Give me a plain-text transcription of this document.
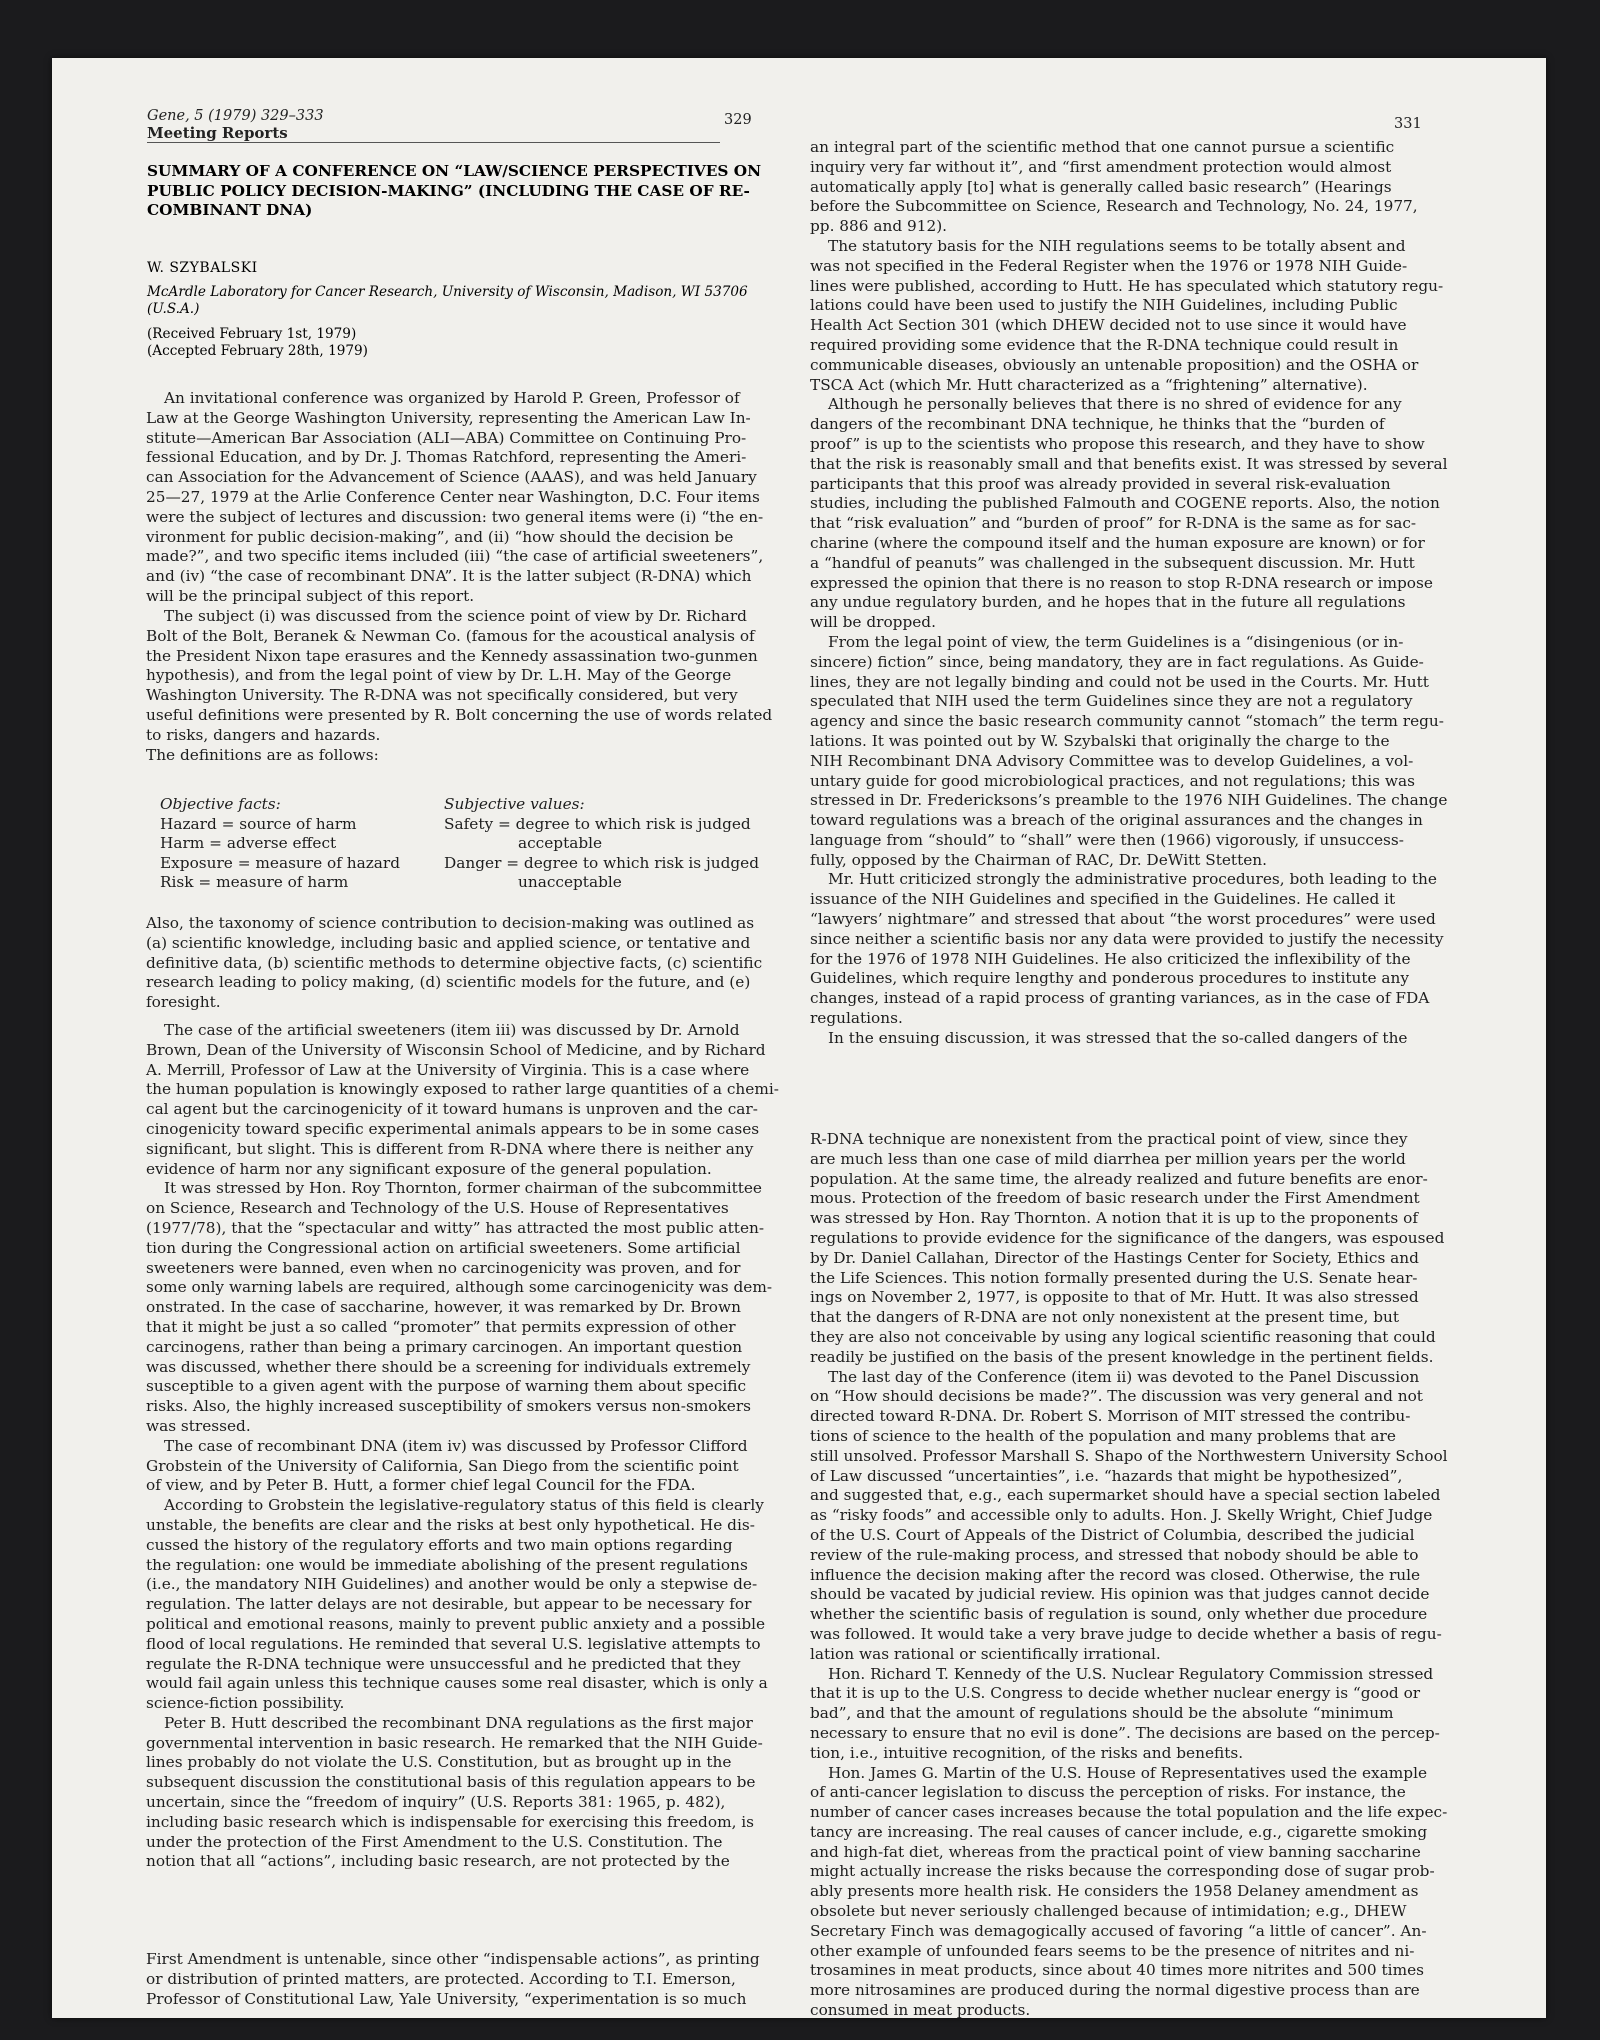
Gene, 5 (1979) 329–333
Meeting Reports
329	331
SUMMARY OF A CONFERENCE ON “LAW/SCIENCE PERSPECTIVES ON
PUBLIC POLICY DECISION-MAKING” (INCLUDING THE CASE OF RE-
COMBINANT DNA)
W. SZYBALSKI
McArdle Laboratory for Cancer Research, University of Wisconsin, Madison, WI 53706
(U.S.A.)
(Received February 1st, 1979)
(Accepted February 28th, 1979)
Objective facts:
Hazard = source of harm
Harm = adverse effect
Exposure = measure of hazard
Risk = measure of harm
Subjective values:
Safety = degree to which risk is judged
acceptable
Danger = degree to which risk is judged
unacceptable
An invitational conference was organized by Harold P. Green, Professor of
Law at the George Washington University, representing the American Law In-
stitute—American Bar Association (ALI—ABA) Committee on Continuing Pro-
fessional Education, and by Dr. J. Thomas Ratchford, representing the Ameri-
can Association for the Advancement of Science (AAAS), and was held January
25—27, 1979 at the Arlie Conference Center near Washington, D.C. Four items
were the subject of lectures and discussion: two general items were (i) “the en-
vironment for public decision-making”, and (ii) “how should the decision be
made?”, and two specific items included (iii) “the case of artificial sweeteners”,
and (iv) “the case of recombinant DNA”. It is the latter subject (R-DNA) which
will be the principal subject of this report.
The subject (i) was discussed from the science point of view by Dr. Richard
Bolt of the Bolt, Beranek & Newman Co. (famous for the acoustical analysis of
the President Nixon tape erasures and the Kennedy assassination two-gunmen
hypothesis), and from the legal point of view by Dr. L.H. May of the George
Washington University. The R-DNA was not specifically considered, but very
useful definitions were presented by R. Bolt concerning the use of words related
to risks, dangers and hazards.
The definitions are as follows:
Also, the taxonomy of science contribution to decision-making was outlined as
(a) scientific knowledge, including basic and applied science, or tentative and
definitive data, (b) scientific methods to determine objective facts, (c) scientific
research leading to policy making, (d) scientific models for the future, and (e)
foresight.
The case of the artificial sweeteners (item iii) was discussed by Dr. Arnold
Brown, Dean of the University of Wisconsin School of Medicine, and by Richard
A. Merrill, Professor of Law at the University of Virginia. This is a case where
the human population is knowingly exposed to rather large quantities of a chemi-
cal agent but the carcinogenicity of it toward humans is unproven and the car-
cinogenicity toward specific experimental animals appears to be in some cases
significant, but slight. This is different from R-DNA where there is neither any
evidence of harm nor any significant exposure of the general population.
It was stressed by Hon. Roy Thornton, former chairman of the subcommittee
on Science, Research and Technology of the U.S. House of Representatives
(1977/78), that the “spectacular and witty” has attracted the most public atten-
tion during the Congressional action on artificial sweeteners. Some artificial
sweeteners were banned, even when no carcinogenicity was proven, and for
some only warning labels are required, although some carcinogenicity was dem-
onstrated. In the case of saccharine, however, it was remarked by Dr. Brown
that it might be just a so called “promoter” that permits expression of other
carcinogens, rather than being a primary carcinogen. An important question
was discussed, whether there should be a screening for individuals extremely
susceptible to a given agent with the purpose of warning them about specific
risks. Also, the highly increased susceptibility of smokers versus non-smokers
was stressed.
The case of recombinant DNA (item iv) was discussed by Professor Clifford
Grobstein of the University of California, San Diego from the scientific point
of view, and by Peter B. Hutt, a former chief legal Council for the FDA.
According to Grobstein the legislative-regulatory status of this field is clearly
unstable, the benefits are clear and the risks at best only hypothetical. He dis-
cussed the history of the regulatory efforts and two main options regarding
the regulation: one would be immediate abolishing of the present regulations
(i.e., the mandatory NIH Guidelines) and another would be only a stepwise de-
regulation. The latter delays are not desirable, but appear to be necessary for
political and emotional reasons, mainly to prevent public anxiety and a possible
flood of local regulations. He reminded that several U.S. legislative attempts to
regulate the R-DNA technique were unsuccessful and he predicted that they
would fail again unless this technique causes some real disaster, which is only a
science-fiction possibility.
Peter B. Hutt described the recombinant DNA regulations as the first major
governmental intervention in basic research. He remarked that the NIH Guide-
lines probably do not violate the U.S. Constitution, but as brought up in the
subsequent discussion the constitutional basis of this regulation appears to be
uncertain, since the “freedom of inquiry” (U.S. Reports 381: 1965, p. 482),
including basic research which is indispensable for exercising this freedom, is
under the protection of the First Amendment to the U.S. Constitution. The
notion that all “actions”, including basic research, are not protected by the
First Amendment is untenable, since other “indispensable actions”, as printing
or distribution of printed matters, are protected. According to T.I. Emerson,
Professor of Constitutional Law, Yale University, “experimentation is so much
an integral part of the scientific method that one cannot pursue a scientific
inquiry very far without it”, and “first amendment protection would almost
automatically apply [to] what is generally called basic research” (Hearings
before the Subcommittee on Science, Research and Technology, No. 24, 1977,
pp. 886 and 912).
The statutory basis for the NIH regulations seems to be totally absent and
was not specified in the Federal Register when the 1976 or 1978 NIH Guide-
lines were published, according to Hutt. He has speculated which statutory regu-
lations could have been used to justify the NIH Guidelines, including Public
Health Act Section 301 (which DHEW decided not to use since it would have
required providing some evidence that the R-DNA technique could result in
communicable diseases, obviously an untenable proposition) and the OSHA or
TSCA Act (which Mr. Hutt characterized as a “frightening” alternative).
Although he personally believes that there is no shred of evidence for any
dangers of the recombinant DNA technique, he thinks that the “burden of
proof” is up to the scientists who propose this research, and they have to show
that the risk is reasonably small and that benefits exist. It was stressed by several
participants that this proof was already provided in several risk-evaluation
studies, including the published Falmouth and COGENE reports. Also, the notion
that “risk evaluation” and “burden of proof” for R-DNA is the same as for sac-
charine (where the compound itself and the human exposure are known) or for
a “handful of peanuts” was challenged in the subsequent discussion. Mr. Hutt
expressed the opinion that there is no reason to stop R-DNA research or impose
any undue regulatory burden, and he hopes that in the future all regulations
will be dropped.
From the legal point of view, the term Guidelines is a “disingenious (or in-
sincere) fiction” since, being mandatory, they are in fact regulations. As Guide-
lines, they are not legally binding and could not be used in the Courts. Mr. Hutt
speculated that NIH used the term Guidelines since they are not a regulatory
agency and since the basic research community cannot “stomach” the term regu-
lations. It was pointed out by W. Szybalski that originally the charge to the
NIH Recombinant DNA Advisory Committee was to develop Guidelines, a vol-
untary guide for good microbiological practices, and not regulations; this was
stressed in Dr. Fredericksons’s preamble to the 1976 NIH Guidelines. The change
toward regulations was a breach of the original assurances and the changes in
language from “should” to “shall” were then (1966) vigorously, if unsuccess-
fully, opposed by the Chairman of RAC, Dr. DeWitt Stetten.
Mr. Hutt criticized strongly the administrative procedures, both leading to the
issuance of the NIH Guidelines and specified in the Guidelines. He called it
“lawyers’ nightmare” and stressed that about “the worst procedures” were used
since neither a scientific basis nor any data were provided to justify the necessity
for the 1976 of 1978 NIH Guidelines. He also criticized the inflexibility of the
Guidelines, which require lengthy and ponderous procedures to institute any
changes, instead of a rapid process of granting variances, as in the case of FDA
regulations.
In the ensuing discussion, it was stressed that the so-called dangers of the
R-DNA technique are nonexistent from the practical point of view, since they
are much less than one case of mild diarrhea per million years per the world
population. At the same time, the already realized and future benefits are enor-
mous. Protection of the freedom of basic research under the First Amendment
was stressed by Hon. Ray Thornton. A notion that it is up to the proponents of
regulations to provide evidence for the significance of the dangers, was espoused
by Dr. Daniel Callahan, Director of the Hastings Center for Society, Ethics and
the Life Sciences. This notion formally presented during the U.S. Senate hear-
ings on November 2, 1977, is opposite to that of Mr. Hutt. It was also stressed
that the dangers of R-DNA are not only nonexistent at the present time, but
they are also not conceivable by using any logical scientific reasoning that could
readily be justified on the basis of the present knowledge in the pertinent fields.
The last day of the Conference (item ii) was devoted to the Panel Discussion
on “How should decisions be made?”. The discussion was very general and not
directed toward R-DNA. Dr. Robert S. Morrison of MIT stressed the contribu-
tions of science to the health of the population and many problems that are
still unsolved. Professor Marshall S. Shapo of the Northwestern University School
of Law discussed “uncertainties”, i.e. “hazards that might be hypothesized”,
and suggested that, e.g., each supermarket should have a special section labeled
as “risky foods” and accessible only to adults. Hon. J. Skelly Wright, Chief Judge
of the U.S. Court of Appeals of the District of Columbia, described the judicial
review of the rule-making process, and stressed that nobody should be able to
influence the decision making after the record was closed. Otherwise, the rule
should be vacated by judicial review. His opinion was that judges cannot decide
whether the scientific basis of regulation is sound, only whether due procedure
was followed. It would take a very brave judge to decide whether a basis of regu-
lation was rational or scientifically irrational.
Hon. Richard T. Kennedy of the U.S. Nuclear Regulatory Commission stressed
that it is up to the U.S. Congress to decide whether nuclear energy is “good or
bad”, and that the amount of regulations should be the absolute “minimum
necessary to ensure that no evil is done”. The decisions are based on the percep-
tion, i.e., intuitive recognition, of the risks and benefits.
Hon. James G. Martin of the U.S. House of Representatives used the example
of anti-cancer legislation to discuss the perception of risks. For instance, the
number of cancer cases increases because the total population and the life expec-
tancy are increasing. The real causes of cancer include, e.g., cigarette smoking
and high-fat diet, whereas from the practical point of view banning saccharine
might actually increase the risks because the corresponding dose of sugar prob-
ably presents more health risk. He considers the 1958 Delaney amendment as
obsolete but never seriously challenged because of intimidation; e.g., DHEW
Secretary Finch was demagogically accused of favoring “a little of cancer”. An-
other example of unfounded fears seems to be the presence of nitrites and ni-
trosamines in meat products, since about 40 times more nitrites and 500 times
more nitrosamines are produced during the normal digestive process than are
consumed in meat products.
